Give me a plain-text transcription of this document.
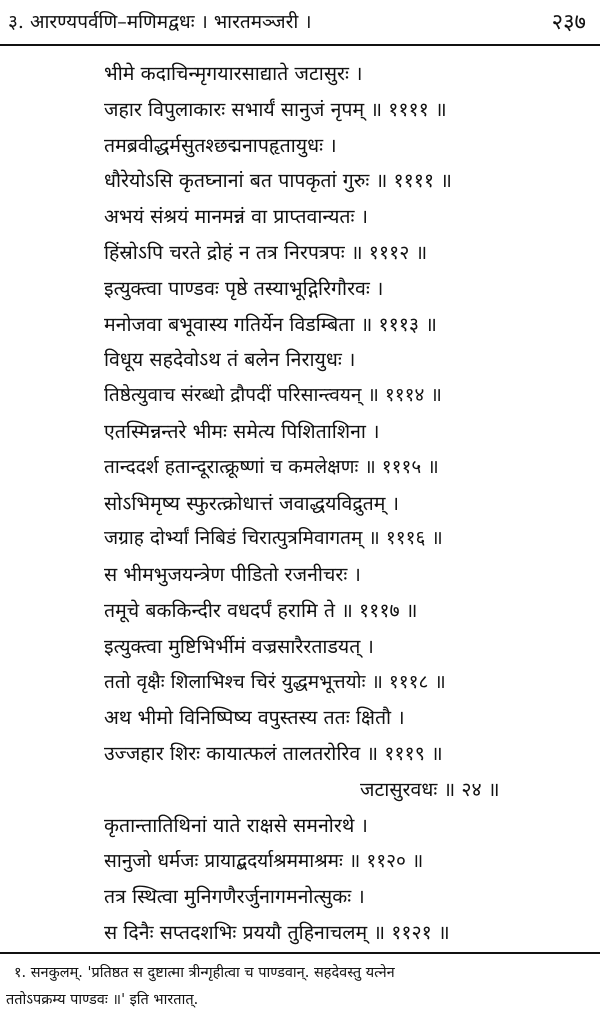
३. आरण्यपर्वणि–मणिमद्वधः । भारतमञ्जरी ।	२३७
भीमे कदाचिन्मृगयारसाद्याते जटासुरः ।
जहार विपुलाकारः सभार्यं सानुजं नृपम् ॥ ११११ ॥
तमब्रवीद्धर्मसुतश्छद्मनापहृतायुधः ।
धौरेयोऽसि कृतघ्नानां बत पापकृतां गुरुः ॥ ११११ ॥
अभयं संश्रयं मानमन्नं वा प्राप्तवान्यतः ।
हिंस्रोऽपि चरते द्रोहं न तत्र निरपत्रपः ॥ १११२ ॥
इत्युक्त्वा पाण्डवः पृष्ठे तस्याभूद्गिरिगौरवः ।
मनोजवा बभूवास्य गतिर्येन विडम्बिता ॥ १११३ ॥
विधूय सहदेवोऽथ तं बलेन निरायुधः ।
तिष्ठेत्युवाच संरब्धो द्रौपदीं परिसान्त्वयन् ॥ १११४ ॥
एतस्मिन्नन्तरे भीमः समेत्य पिशिताशिना ।
तान्ददर्श हतान्दूरात्क्रूष्णां च कमलेक्षणः ॥ १११५ ॥
सोऽभिमृष्य स्फुरत्क्रोधात्तं जवाद्धयविद्रुतम् ।
जग्राह दोर्भ्यां निबिडं चिरात्पुत्रमिवागतम् ॥ १११६ ॥
स भीमभुजयन्त्रेण पीडितो रजनीचरः ।
तमूचे बककिन्दीर वधदर्पं हरामि ते ॥ १११७ ॥
इत्युक्त्वा मुष्टिभिर्भीमं वज्रसारैरताडयत् ।
ततो वृक्षैः शिलाभिश्च चिरं युद्धमभूत्तयोः ॥ १११८ ॥
अथ भीमो विनिष्पिष्य वपुस्तस्य ततः क्षितौ ।
उज्जहार शिरः कायात्फलं तालतरोरिव ॥ १११९ ॥
जटासुरवधः ॥ २४ ॥
कृतान्तातिथिनां याते राक्षसे समनोरथे ।
सानुजो धर्मजः प्रायाद्बदर्याश्रममाश्रमः ॥ ११२० ॥
तत्र स्थित्वा मुनिगणैरर्जुनागमनोत्सुकः ।
स दिनैः सप्तदशभिः प्रययौ तुहिनाचलम् ॥ ११२१ ॥
१. सनकुलम्. 'प्रतिष्ठत स दुष्टात्मा त्रीन्गृहीत्वा च पाण्डवान्. सहदेवस्तु यत्नेन
ततोऽपक्रम्य पाण्डवः ॥' इति भारतात्.
